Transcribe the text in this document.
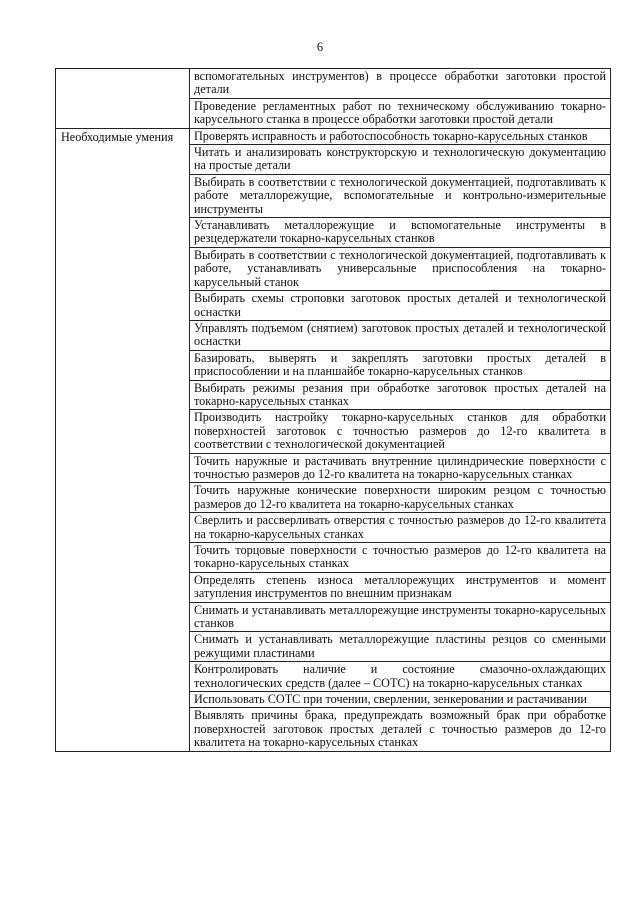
6
	вспомогательных инструментов) в процессе обработки заготовки простой детали
	Проведение регламентных работ по техническому обслуживанию токарно-карусельного станка в процессе обработки заготовки простой детали
Необходимые умения	Проверять исправность и работоспособность токарно-карусельных станков
	Читать и анализировать конструкторскую и технологическую документацию на простые детали
	Выбирать в соответствии с технологической документацией, подготавливать к работе металлорежущие, вспомогательные и контрольно-измерительные инструменты
	Устанавливать металлорежущие и вспомогательные инструменты в резцедержатели токарно-карусельных станков
	Выбирать в соответствии с технологической документацией, подготавливать к работе, устанавливать универсальные приспособления на токарно-карусельный станок
	Выбирать схемы строповки заготовок простых деталей и технологической оснастки
	Управлять подъемом (снятием) заготовок простых деталей и технологической оснастки
	Базировать, выверять и закреплять заготовки простых деталей в приспособлении и на планшайбе токарно-карусельных станков
	Выбирать режимы резания при обработке заготовок простых деталей на токарно-карусельных станках
	Производить настройку токарно-карусельных станков для обработки поверхностей заготовок с точностью размеров до 12-го квалитета в соответствии с технологической документацией
	Точить наружные и растачивать внутренние цилиндрические поверхности с точностью размеров до 12-го квалитета на токарно-карусельных станках
	Точить наружные конические поверхности широким резцом с точностью размеров до 12-го квалитета на токарно-карусельных станках
	Сверлить и рассверливать отверстия с точностью размеров до 12-го квалитета на токарно-карусельных станках
	Точить торцовые поверхности с точностью размеров до 12-го квалитета на токарно-карусельных станках
	Определять степень износа металлорежущих инструментов и момент затупления инструментов по внешним признакам
	Снимать и устанавливать металлорежущие инструменты токарно-карусельных станков
	Снимать и устанавливать металлорежущие пластины резцов со сменными режущими пластинами
	Контролировать наличие и состояние смазочно-охлаждающих технологических средств (далее – СОТС) на токарно-карусельных станках
	Использовать СОТС при точении, сверлении, зенкеровании и растачивании
	Выявлять причины брака, предупреждать возможный брак при обработке поверхностей заготовок простых деталей с точностью размеров до 12-го квалитета на токарно-карусельных станках
